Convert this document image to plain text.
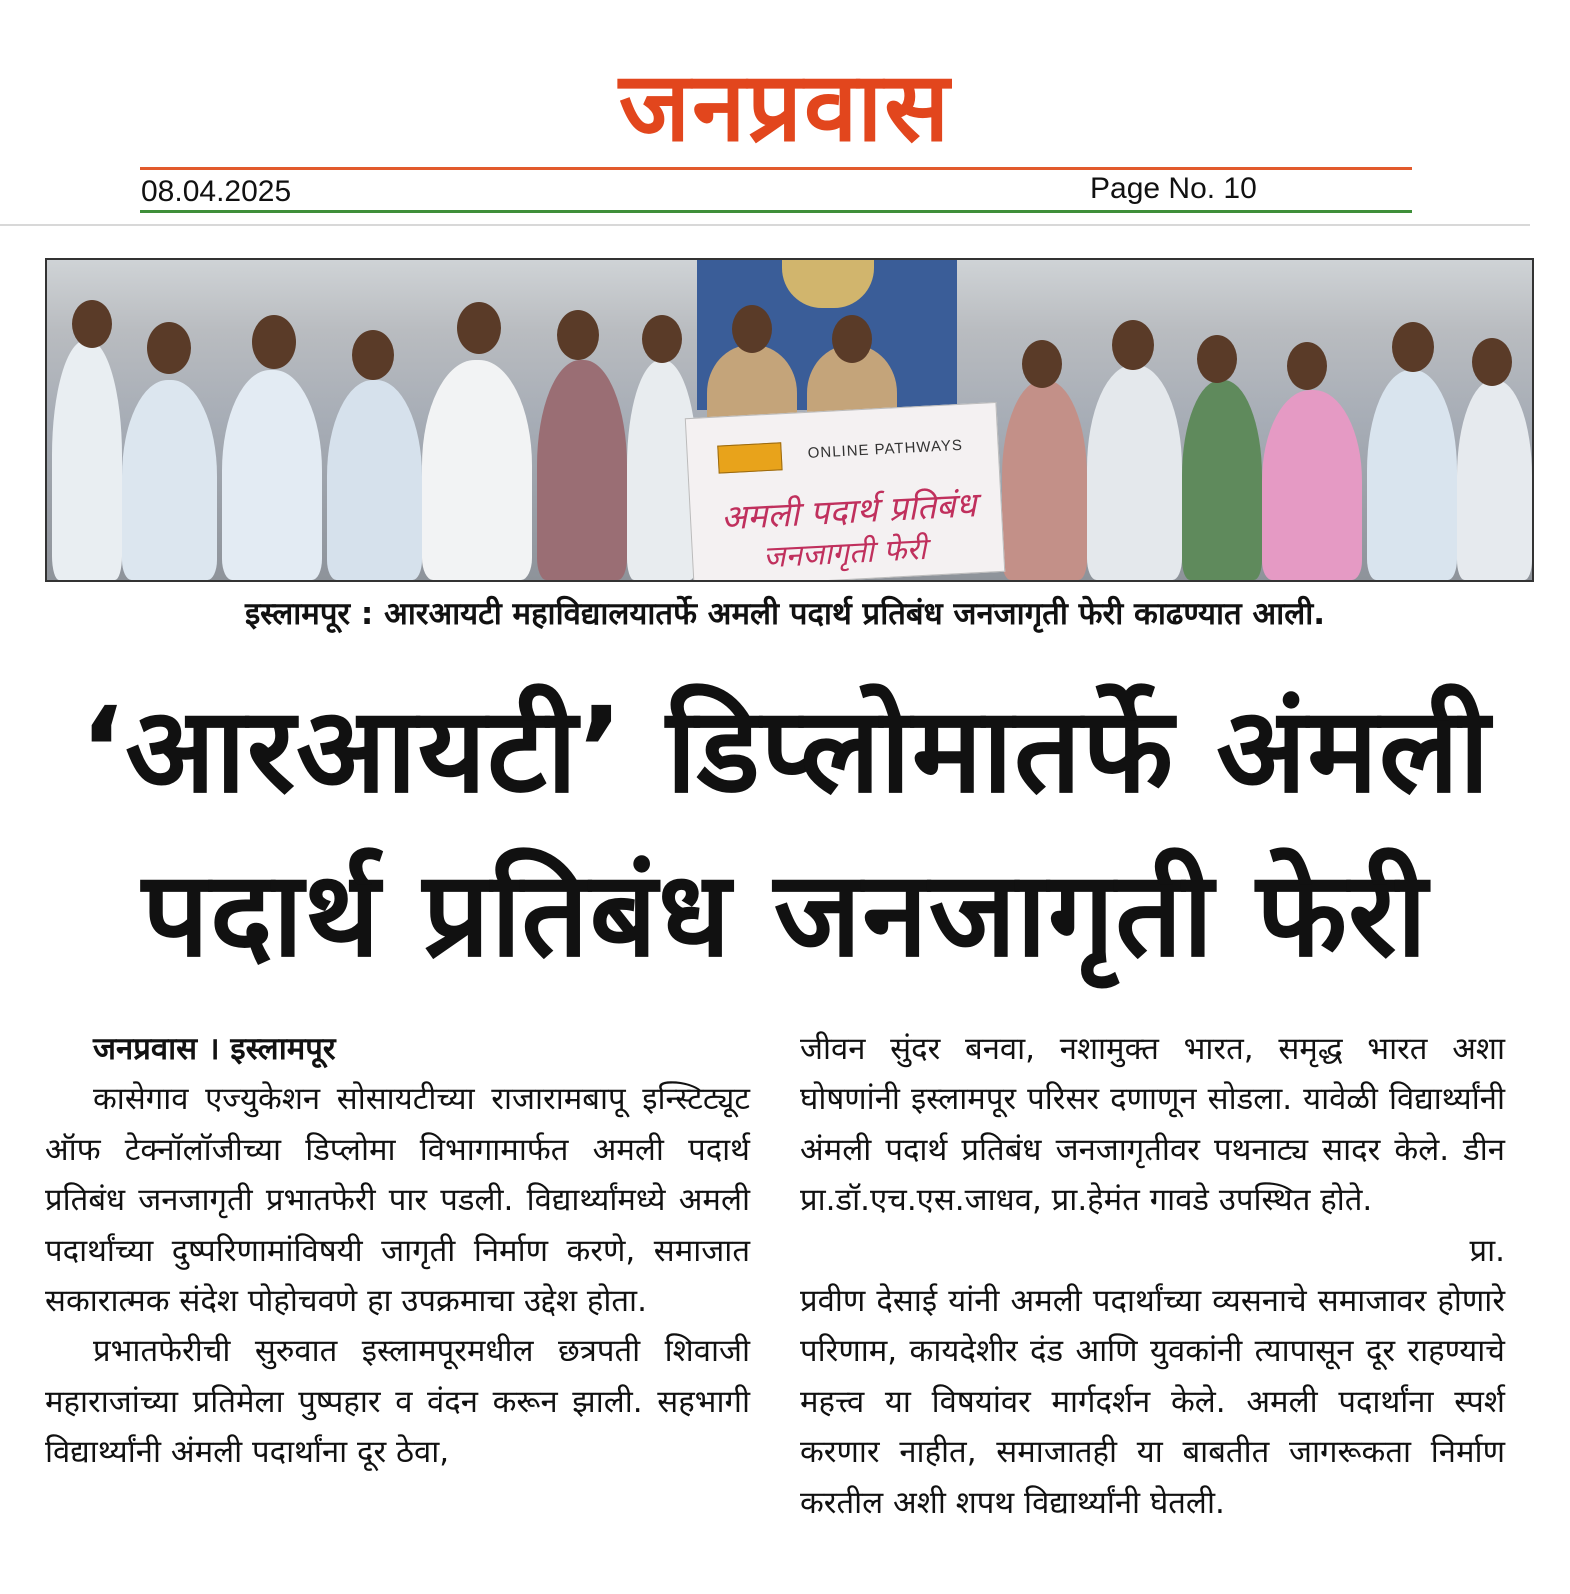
जनप्रवास
08.04.2025	Page No. 10
ONLINE PATHWAYS
अमली पदार्थ प्रतिबंध
जनजागृती फेरी
इस्लामपूर : आरआयटी महाविद्यालयातर्फे अमली पदार्थ प्रतिबंध जनजागृती फेरी काढण्यात आली.
‘आरआयटी’ डिप्लोमातर्फे अंमली
पदार्थ प्रतिबंध जनजागृती फेरी

जनप्रवास । इस्लामपूर

कासेगाव एज्युकेशन सोसायटीच्या राजारामबापू इन्स्टिट्यूट ऑफ टेक्नॉलॉजीच्या डिप्लोमा विभागामार्फत अमली पदार्थ प्रतिबंध जनजागृती प्रभातफेरी पार पडली. विद्यार्थ्यांमध्ये अमली पदार्थांच्या दुष्परिणामांविषयी जागृती निर्माण करणे, समाजात सकारात्मक संदेश पोहोचवणे हा उपक्रमाचा उद्देश होता.

प्रभातफेरीची सुरुवात इस्लामपूरमधील छत्रपती शिवाजी महाराजांच्या प्रतिमेला पुष्पहार व वंदन करून झाली. सहभागी विद्यार्थ्यांनी अंमली पदार्थांना दूर ठेवा,

जीवन सुंदर बनवा, नशामुक्त भारत, समृद्ध भारत अशा घोषणांनी इस्लामपूर परिसर दणाणून सोडला. यावेळी विद्यार्थ्यांनी अंमली पदार्थ प्रतिबंध जनजागृतीवर पथनाट्य सादर केले. डीन प्रा.डॉ.एच.एस.जाधव, प्रा.हेमंत गावडे उपस्थित होते.

प्रा.

प्रवीण देसाई यांनी अमली पदार्थांच्या व्यसनाचे समाजावर होणारे परिणाम, कायदेशीर दंड आणि युवकांनी त्यापासून दूर राहण्याचे महत्त्व या विषयांवर मार्गदर्शन केले. अमली पदार्थांना स्पर्श करणार नाहीत, समाजातही या बाबतीत जागरूकता निर्माण करतील अशी शपथ विद्यार्थ्यांनी घेतली.
